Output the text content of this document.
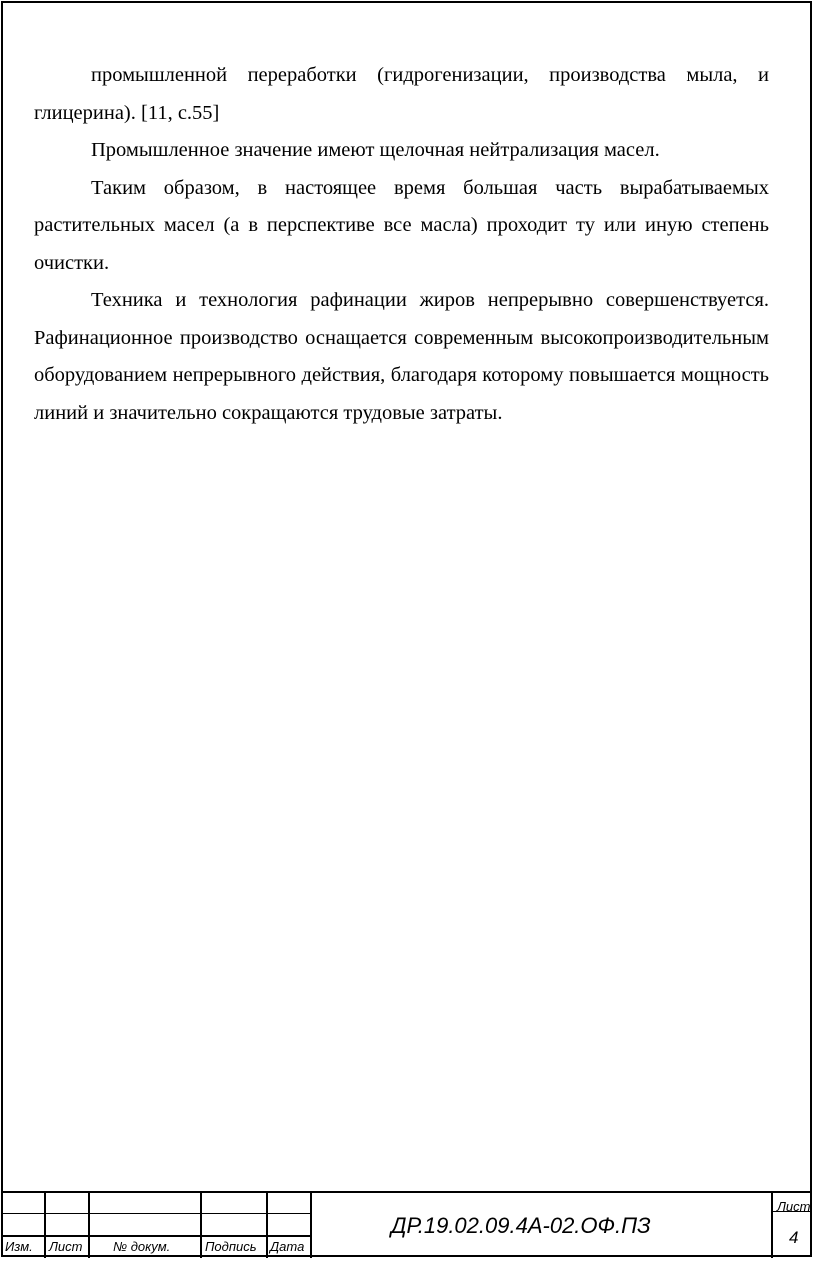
промышленной переработки (гидрогенизации, производства мыла, и глицерина). [11, с.55]

Промышленное значение имеют щелочная нейтрализация масел.

Таким образом, в настоящее время большая часть вырабатываемых растительных масел (а в перспективе все масла) проходит ту или иную степень очистки.

Техника и технология рафинации жиров непрерывно совершенствуется. Рафинационное производство оснащается современным высокопроизводительным оборудованием непрерывного действия, благодаря которому повышается мощность линий и значительно сокращаются трудовые затраты.

Изм. Лист № докум.	Подпись Дата
ДР.19.02.09.4А-02.ОФ.ПЗ
Лист
4
